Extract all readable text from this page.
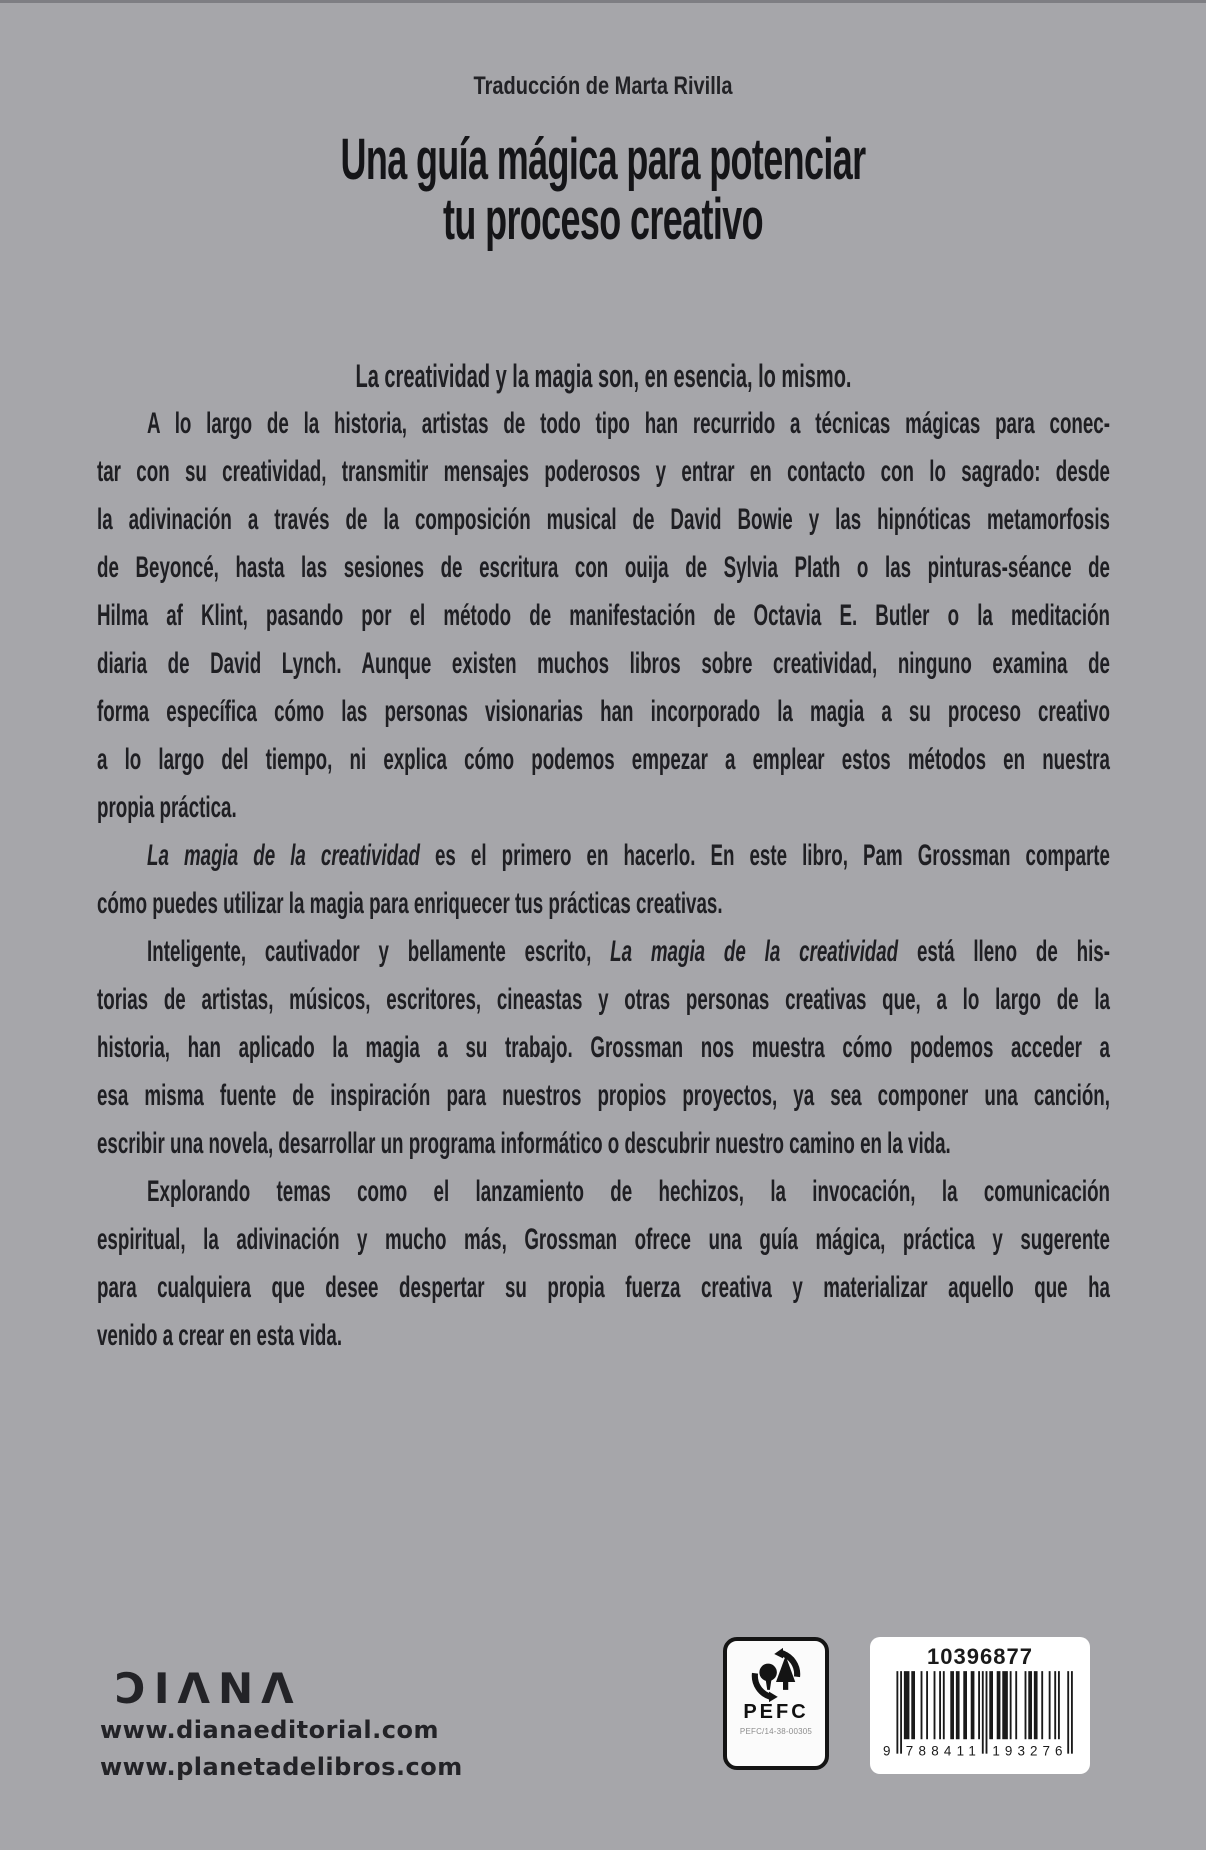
Traducción de Marta Rivilla
Una guía mágica para potenciar
tu proceso creativo
La creatividad y la magia son, en esencia, lo mismo.
A lo largo de la historia, artistas de todo tipo han recurrido a técnicas mágicas para conec-
tar con su creatividad, transmitir mensajes poderosos y entrar en contacto con lo sagrado: desde
la adivinación a través de la composición musical de David Bowie y las hipnóticas metamorfosis
de Beyoncé, hasta las sesiones de escritura con ouija de Sylvia Plath o las pinturas-séance de
Hilma af Klint, pasando por el método de manifestación de Octavia E. Butler o la meditación
diaria de David Lynch. Aunque existen muchos libros sobre creatividad, ninguno examina de
forma específica cómo las personas visionarias han incorporado la magia a su proceso creativo
a lo largo del tiempo, ni explica cómo podemos empezar a emplear estos métodos en nuestra
propia práctica.
La magia de la creatividad es el primero en hacerlo. En este libro, Pam Grossman comparte
cómo puedes utilizar la magia para enriquecer tus prácticas creativas.
Inteligente, cautivador y bellamente escrito, La magia de la creatividad está lleno de his-
torias de artistas, músicos, escritores, cineastas y otras personas creativas que, a lo largo de la
historia, han aplicado la magia a su trabajo. Grossman nos muestra cómo podemos acceder a
esa misma fuente de inspiración para nuestros propios proyectos, ya sea componer una canción,
escribir una novela, desarrollar un programa informático o descubrir nuestro camino en la vida.
Explorando temas como el lanzamiento de hechizos, la invocación, la comunicación
espiritual, la adivinación y mucho más, Grossman ofrece una guía mágica, práctica y sugerente
para cualquiera que desee despertar su propia fuerza creativa y materializar aquello que ha
venido a crear en esta vida.
ƆIΛNΛ
www.dianaeditorial.com
www.planetadelibros.com
PEFC
PEFC/14-38-00305
10396877
9 788411 193276
